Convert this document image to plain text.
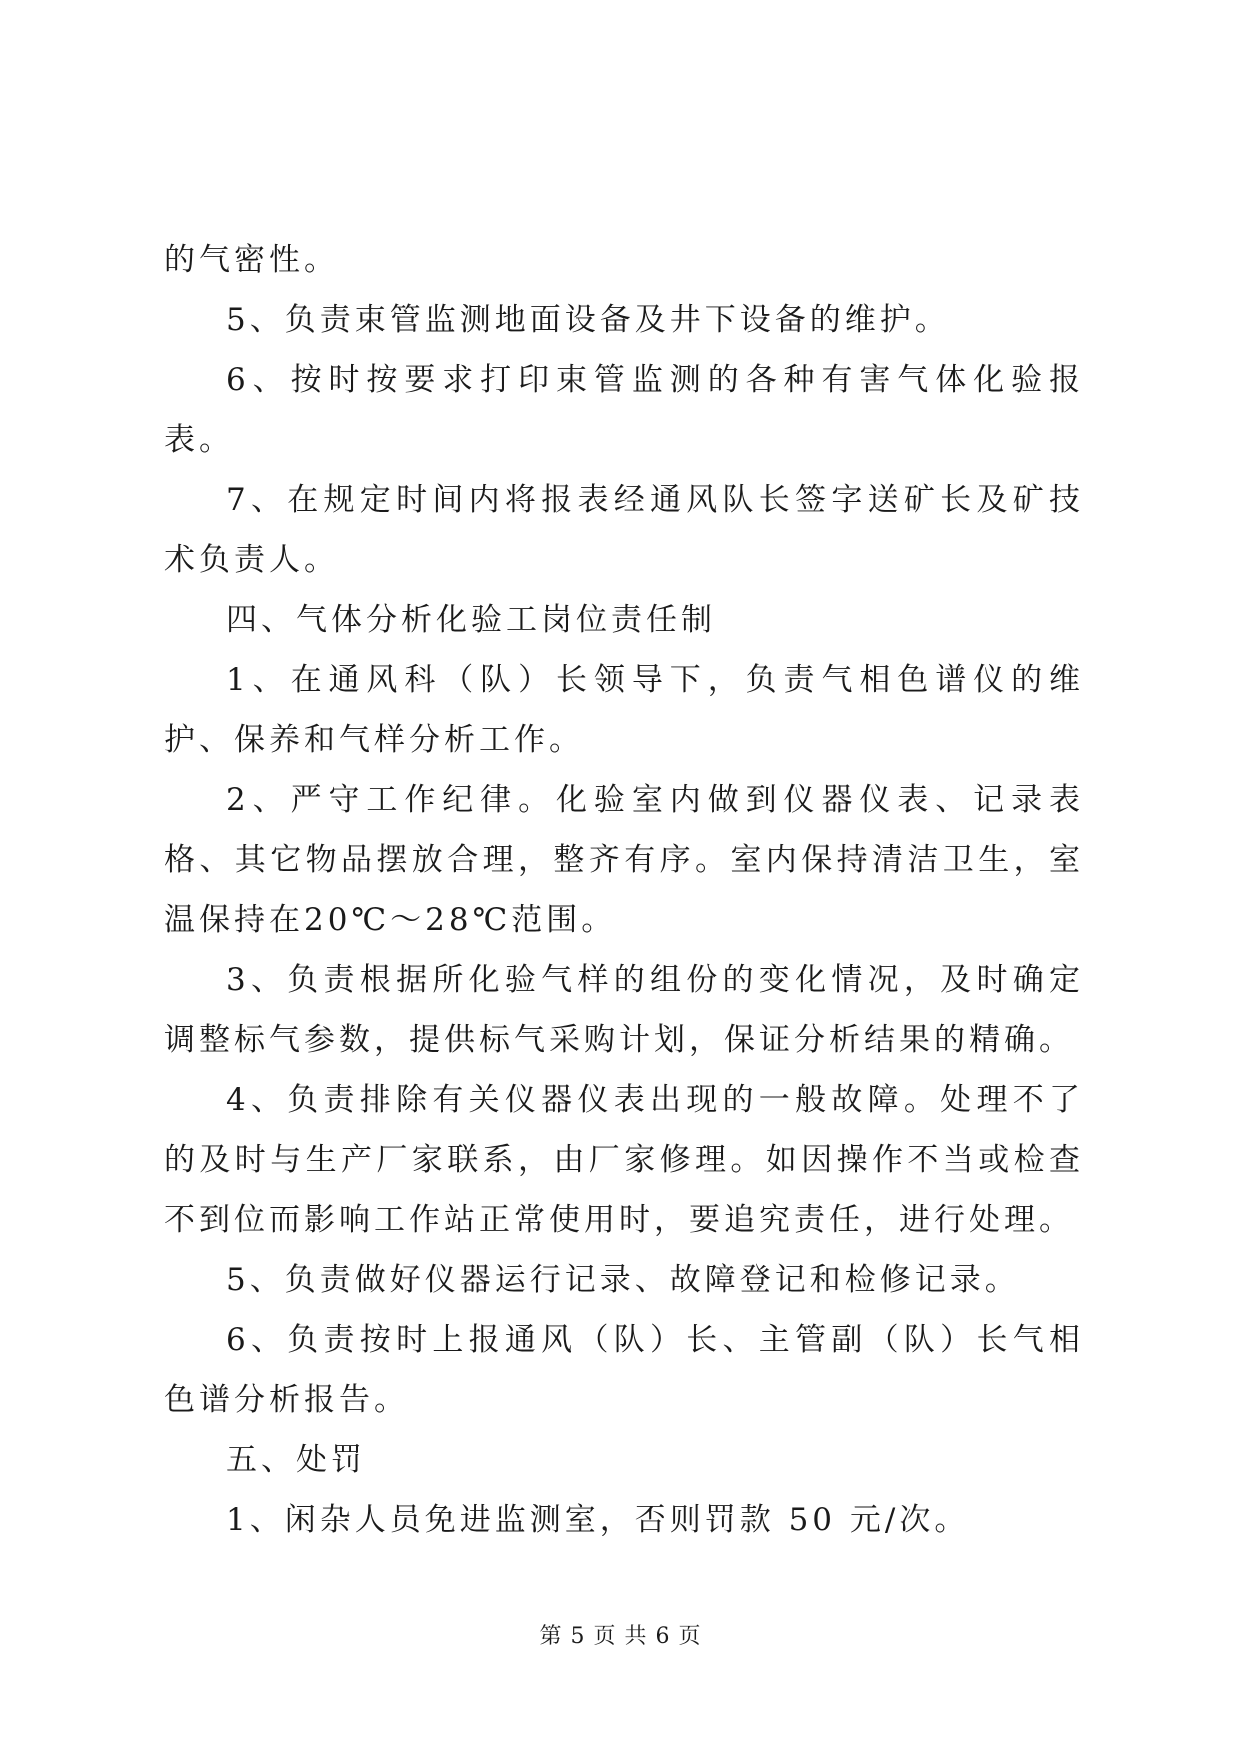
的气密性。

5、负责束管监测地面设备及井下设备的维护。

6、按时按要求打印束管监测的各种有害气体化验报表。

7、在规定时间内将报表经通风队长签字送矿长及矿技术负责人。

四、气体分析化验工岗位责任制

1、在通风科（队）长领导下，负责气相色谱仪的维护、保养和气样分析工作。

2、严守工作纪律。化验室内做到仪器仪表、记录表格、其它物品摆放合理，整齐有序。室内保持清洁卫生，室温保持在20℃～28℃范围。

3、负责根据所化验气样的组份的变化情况，及时确定调整标气参数，提供标气采购计划，保证分析结果的精确。

4、负责排除有关仪器仪表出现的一般故障。处理不了的及时与生产厂家联系，由厂家修理。如因操作不当或检查不到位而影响工作站正常使用时，要追究责任，进行处理。

5、负责做好仪器运行记录、故障登记和检修记录。

6、负责按时上报通风（队）长、主管副（队）长气相色谱分析报告。

五、处罚

1、闲杂人员免进监测室，否则罚款 50 元/次。

第 5 页 共 6 页
